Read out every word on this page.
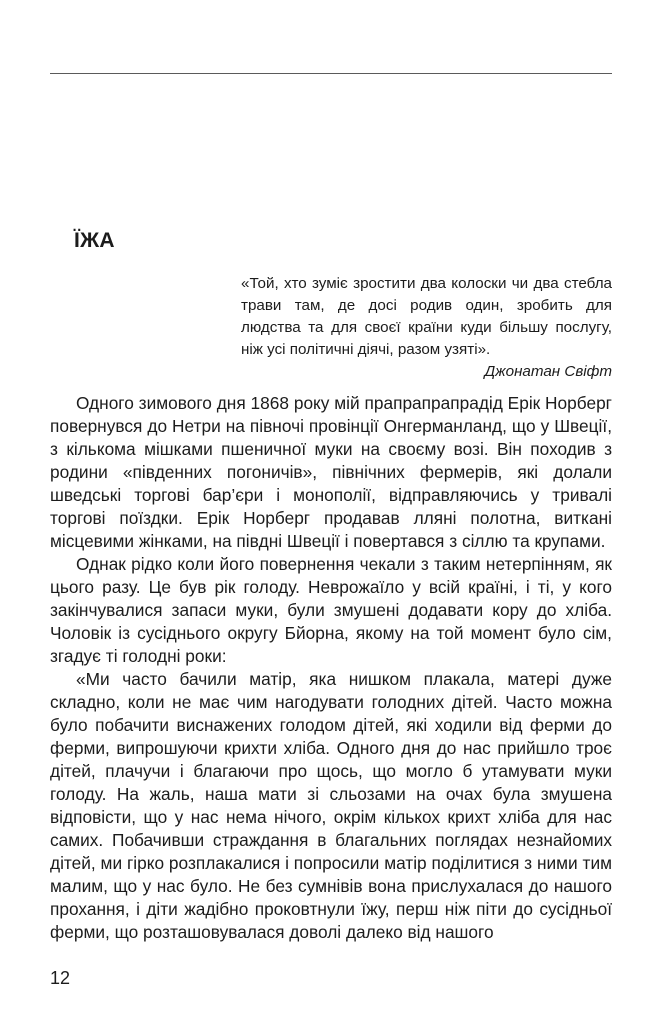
ЇЖА

«Той, хто зуміє зростити два колоски чи два стебла трави там, де досі родив один, зробить для людства та для своєї країни куди більшу послугу, ніж усі політичні діячі, разом узяті».

Джонатан Свіфт

Одного зимового дня 1868 року мій прапрапрапрадід Ерік Норберг повернувся до Нетри на півночі провінції Онгерманланд, що у Швеції, з кількома мішками пшеничної муки на своєму возі. Він походив з родини «південних погоничів», північних фермерів, які долали шведські торгові бар’єри і монополії, відправляючись у тривалі торгові поїздки. Ерік Норберг продавав лляні полотна, виткані місцевими жінками, на півдні Швеції і повертався з сіллю та крупами.

Однак рідко коли його повернення чекали з таким нетерпінням, як цього разу. Це був рік голоду. Неврожаїло у всій країні, і ті, у кого закінчувалися запаси муки, були змушені додавати кору до хліба. Чоловік із сусіднього округу Бйорна, якому на той момент було сім, згадує ті голодні роки:

«Ми часто бачили матір, яка нишком плакала, матері дуже складно, коли не має чим нагодувати голодних дітей. Часто можна було побачити виснажених голодом дітей, які ходили від ферми до ферми, випрошуючи крихти хліба. Одного дня до нас прийшло троє дітей, плачучи і благаючи про щось, що могло б утамувати муки голоду. На жаль, наша мати зі сльозами на очах була змушена відповісти, що у нас нема нічого, окрім кількох крихт хліба для нас самих. Побачивши страждання в благальних поглядах незнайомих дітей, ми гірко розплакалися і попросили матір поділитися з ними тим малим, що у нас було. Не без сумнівів вона прислухалася до нашого прохання, і діти жадібно проковтнули їжу, перш ніж піти до сусідньої ферми, що розташовувалася доволі далеко від нашого

12
